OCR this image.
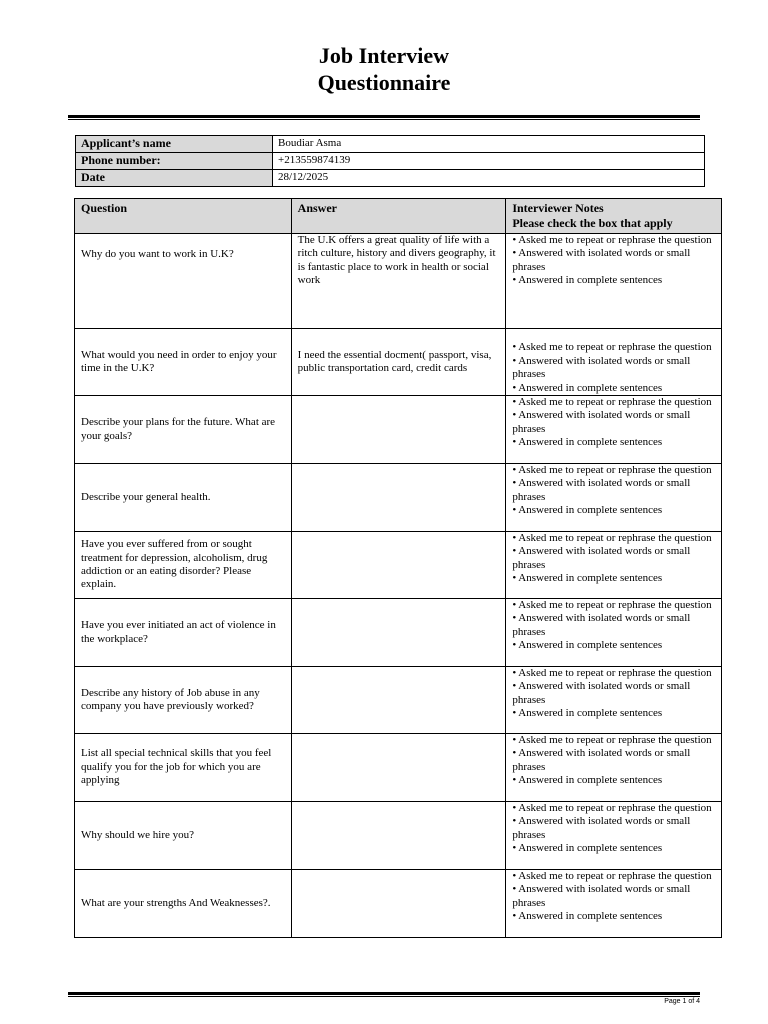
Job Interview
Questionnaire
Applicant’s name	Boudiar Asma
Phone number:	+213559874139
Date	28/12/2025
Question	Answer	Interviewer Notes
Please check the box that apply

Why do you want to work in U.K?	The U.K offers a great quality of life with a ritch culture, history and divers geography, it is fantastic place to work in health or social work	• Asked me to repeat or rephrase the question
• Answered with isolated words or small phrases
• Answered in complete sentences

What would you need in order to enjoy your time in the U.K?	I need the essential docment( passport, visa, public transportation card, credit cards	• Asked me to repeat or rephrase the question
• Answered with isolated words or small phrases
• Answered in complete sentences

Describe your plans for the future. What are your goals?		• Asked me to repeat or rephrase the question
• Answered with isolated words or small phrases
• Answered in complete sentences

Describe your general health.		• Asked me to repeat or rephrase the question
• Answered with isolated words or small phrases
• Answered in complete sentences

Have you ever suffered from or sought treatment for depression, alcoholism, drug addiction or an eating disorder? Please explain.		• Asked me to repeat or rephrase the question
• Answered with isolated words or small phrases
• Answered in complete sentences

Have you ever initiated an act of violence in the workplace?		• Asked me to repeat or rephrase the question
• Answered with isolated words or small phrases
• Answered in complete sentences

Describe any history of Job abuse in any company you have previously worked?		• Asked me to repeat or rephrase the question
• Answered with isolated words or small phrases
• Answered in complete sentences

List all special technical skills that you feel qualify you for the job for which you are applying		• Asked me to repeat or rephrase the question
• Answered with isolated words or small phrases
• Answered in complete sentences

Why should we hire you?		• Asked me to repeat or rephrase the question
• Answered with isolated words or small phrases
• Answered in complete sentences

What are your strengths And Weaknesses?.		• Asked me to repeat or rephrase the question
• Answered with isolated words or small phrases
• Answered in complete sentences
Page 1 of 4
